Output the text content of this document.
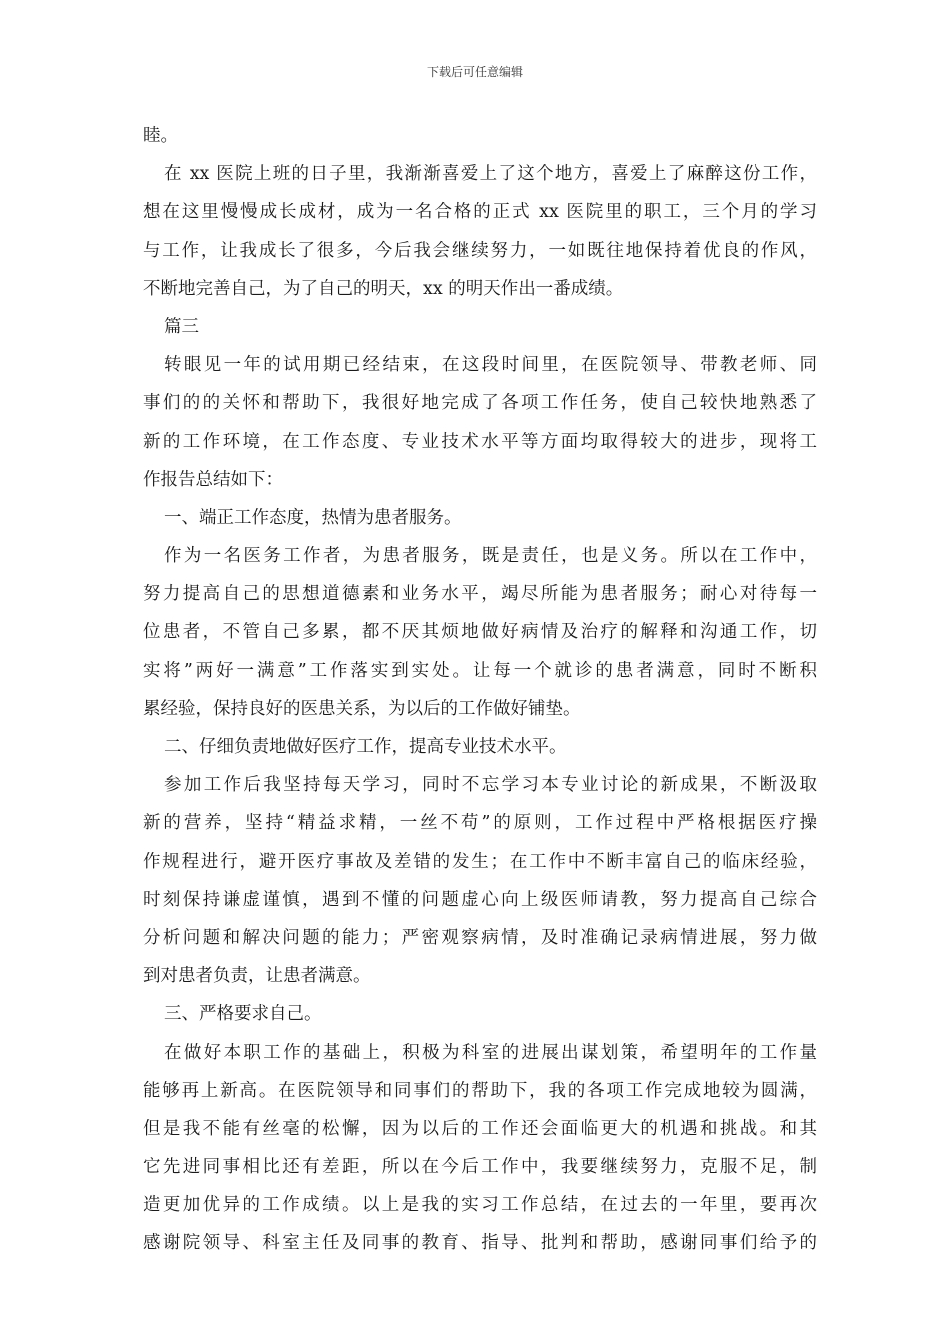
下载后可任意编辑
睦。
在 xx 医院上班的日子里，我渐渐喜爱上了这个地方，喜爱上了麻醉这份工作，
想在这里慢慢成长成材，成为一名合格的正式 xx 医院里的职工，三个月的学习
与工作，让我成长了很多，今后我会继续努力，一如既往地保持着优良的作风，
不断地完善自己，为了自己的明天，xx 的明天作出一番成绩。
篇三
转眼见一年的试用期已经结束，在这段时间里，在医院领导、带教老师、同
事们的的关怀和帮助下，我很好地完成了各项工作任务，使自己较快地熟悉了
新的工作环境，在工作态度、专业技术水平等方面均取得较大的进步，现将工
作报告总结如下：
一、端正工作态度，热情为患者服务。
作为一名医务工作者，为患者服务，既是责任，也是义务。所以在工作中，
努力提高自己的思想道德素和业务水平，竭尽所能为患者服务；耐心对待每一
位患者，不管自己多累，都不厌其烦地做好病情及治疗的解释和沟通工作，切
实将”两好一满意”工作落实到实处。让每一个就诊的患者满意，同时不断积
累经验，保持良好的医患关系，为以后的工作做好铺垫。
二、仔细负责地做好医疗工作，提高专业技术水平。
参加工作后我坚持每天学习，同时不忘学习本专业讨论的新成果，不断汲取
新的营养，坚持“精益求精，一丝不苟”的原则，工作过程中严格根据医疗操
作规程进行，避开医疗事故及差错的发生；在工作中不断丰富自己的临床经验，
时刻保持谦虚谨慎，遇到不懂的问题虚心向上级医师请教，努力提高自己综合
分析问题和解决问题的能力；严密观察病情，及时准确记录病情进展，努力做
到对患者负责，让患者满意。
三、严格要求自己。
在做好本职工作的基础上，积极为科室的进展出谋划策，希望明年的工作量
能够再上新高。在医院领导和同事们的帮助下，我的各项工作完成地较为圆满，
但是我不能有丝毫的松懈，因为以后的工作还会面临更大的机遇和挑战。和其
它先进同事相比还有差距，所以在今后工作中，我要继续努力，克服不足，制
造更加优异的工作成绩。以上是我的实习工作总结，在过去的一年里，要再次
感谢院领导、科室主任及同事的教育、指导、批判和帮助，感谢同事们给予的
